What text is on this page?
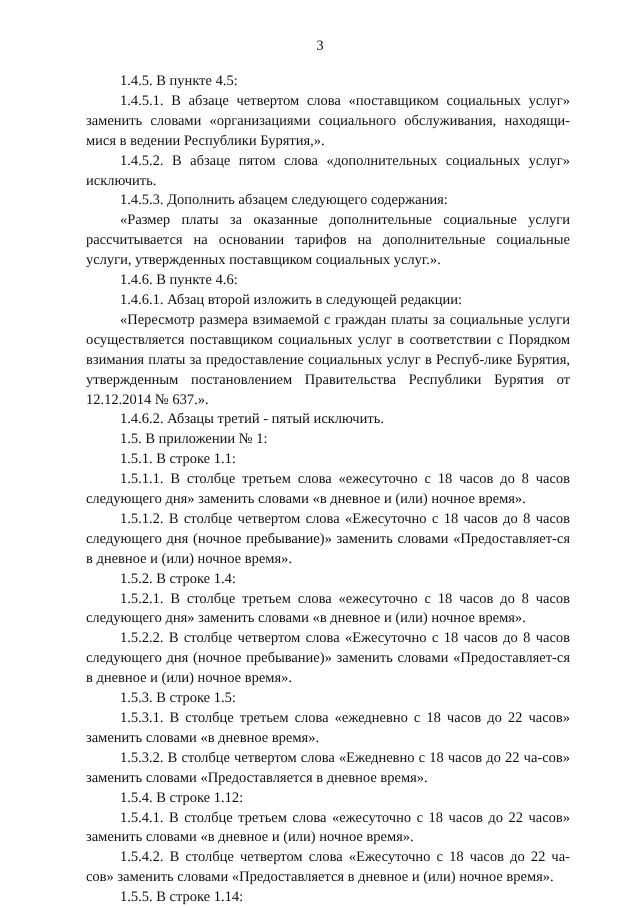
3

1.4.5. В пункте 4.5:

1.4.5.1. В абзаце четвертом слова «поставщиком социальных услуг» заменить словами «организациями социального обслуживания, находящи-мися в ведении Республики Бурятия,».

1.4.5.2. В абзаце пятом слова «дополнительных социальных услуг» исключить.

1.4.5.3. Дополнить абзацем следующего содержания:

«Размер платы за оказанные дополнительные социальные услуги рассчитывается на основании тарифов на дополнительные социальные услуги, утвержденных поставщиком социальных услуг.».

1.4.6. В пункте 4.6:

1.4.6.1. Абзац второй изложить в следующей редакции:

«Пересмотр размера взимаемой с граждан платы за социальные услуги осуществляется поставщиком социальных услуг в соответствии с Порядком взимания платы за предоставление социальных услуг в Респуб-лике Бурятия, утвержденным постановлением Правительства Республики Бурятия от 12.12.2014 № 637.».

1.4.6.2. Абзацы третий - пятый исключить.

1.5. В приложении № 1:

1.5.1. В строке 1.1:

1.5.1.1. В столбце третьем слова «ежесуточно с 18 часов до 8 часов следующего дня» заменить словами «в дневное и (или) ночное время».

1.5.1.2. В столбце четвертом слова «Ежесуточно с 18 часов до 8 часов следующего дня (ночное пребывание)» заменить словами «Предоставляет-ся в дневное и (или) ночное время».

1.5.2. В строке 1.4:

1.5.2.1. В столбце третьем слова «ежесуточно с 18 часов до 8 часов следующего дня» заменить словами «в дневное и (или) ночное время».

1.5.2.2. В столбце четвертом слова «Ежесуточно с 18 часов до 8 часов следующего дня (ночное пребывание)» заменить словами «Предоставляет-ся в дневное и (или) ночное время».

1.5.3. В строке 1.5:

1.5.3.1. В столбце третьем слова «ежедневно с 18 часов до 22 часов» заменить словами «в дневное время».

1.5.3.2. В столбце четвертом слова «Ежедневно с 18 часов до 22 ча-сов» заменить словами «Предоставляется в дневное время».

1.5.4. В строке 1.12:

1.5.4.1. В столбце третьем слова «ежесуточно с 18 часов до 22 часов» заменить словами «в дневное и (или) ночное время».

1.5.4.2. В столбце четвертом слова «Ежесуточно с 18 часов до 22 ча-сов» заменить словами «Предоставляется в дневное и (или) ночное время».

1.5.5. В строке 1.14:
